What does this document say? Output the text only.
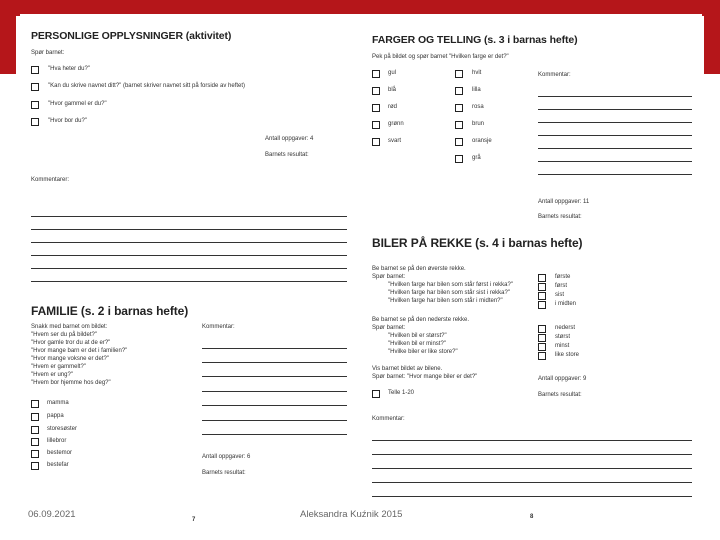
PERSONLIGE OPPLYSNINGER (aktivitet)
Spør barnet:
"Hva heter du?"
"Kan du skrive navnet ditt?" (barnet skriver navnet sitt på forside av heftet)
"Hvor gammel er du?"
"Hvor bor du?"
Antall oppgaver: 4
Barnets resultat:
Kommentarer:
FAMILIE (s. 2 i barnas hefte)
Snakk med barnet om bildet:
"Hvem ser du på bildet?"
"Hvor gamle tror du at de er?"
"Hvor mange barn er det i familien?"
"Hvor mange voksne er det?"
"Hvem er gammelt?"
"Hvem er ung?"
"Hvem bor hjemme hos deg?"
Kommentar:
mamma
pappa
storesøster
lillebror
bestemor
bestefar
Antall oppgaver: 6
Barnets resultat:
7
FARGER OG TELLING (s. 3 i barnas hefte)
Pek på bildet og spør barnet "Hvilken farge er det?"
gul
blå
rød
grønn
svart
hvit
lilla
rosa
brun
oransje
grå
Kommentar:
Antall oppgaver: 11
Barnets resultat:
BILER PÅ REKKE (s. 4 i barnas hefte)
Be barnet se på den øverste rekke.
Spør barnet:
"Hvilken farge har bilen som står først i rekka?"
"Hvilken farge har bilen som står sist i rekka?"
"Hvilken farge har bilen som står i midten?"
første
først
sist
i midten
Be barnet se på den nederste rekke.
Spør barnet:
"Hvilken bil er størst?"
"Hvilken bil er minst?"
"Hvilke biler er like store?"
nederst
størst
minst
like store
Vis barnet bildet av bilene.
Spør barnet: "Hvor mange biler er det?"
Telle 1-20
Antall oppgaver: 9
Barnets resultat:
Kommentar:
8
06.09.2021	Aleksandra Kuźnik 2015
